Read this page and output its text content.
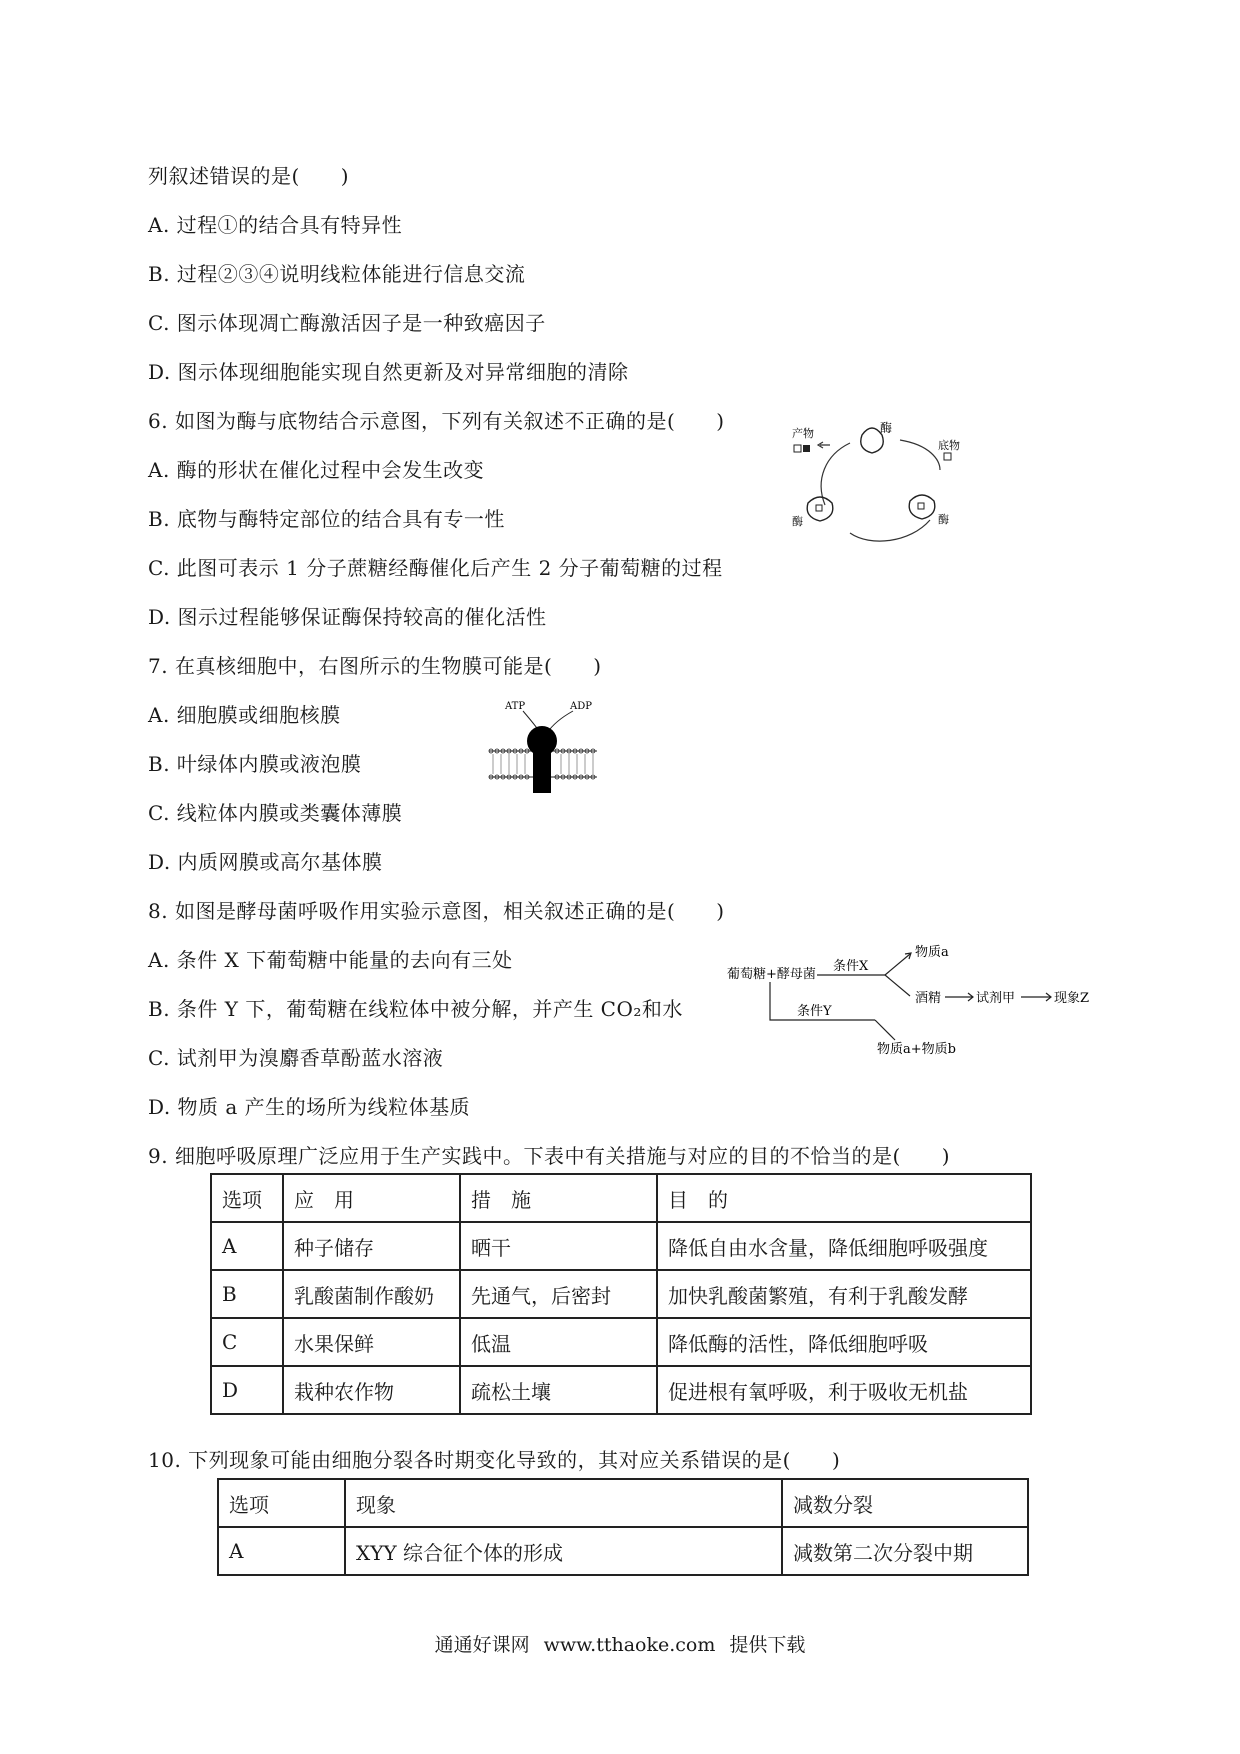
列叙述错误的是(　　)
A. 过程①的结合具有特异性
B. 过程②③④说明线粒体能进行信息交流
C. 图示体现凋亡酶激活因子是一种致癌因子
D. 图示体现细胞能实现自然更新及对异常细胞的清除
6. 如图为酶与底物结合示意图，下列有关叙述不正确的是(　　)
A. 酶的形状在催化过程中会发生改变
B. 底物与酶特定部位的结合具有专一性
C. 此图可表示 1 分子蔗糖经酶催化后产生 2 分子葡萄糖的过程
D. 图示过程能够保证酶保持较高的催化活性
产物	酶
底物
酶	酶
7. 在真核细胞中，右图所示的生物膜可能是(　　)
A. 细胞膜或细胞核膜
B. 叶绿体内膜或液泡膜
C. 线粒体内膜或类囊体薄膜
D. 内质网膜或高尔基体膜
ATP	ADP
8. 如图是酵母菌呼吸作用实验示意图，相关叙述正确的是(　　)
A. 条件 X 下葡萄糖中能量的去向有三处
B. 条件 Y 下，葡萄糖在线粒体中被分解，并产生 CO₂和水
C. 试剂甲为溴麝香草酚蓝水溶液
D. 物质 a 产生的场所为线粒体基质
葡萄糖+酵母菌
条件X
物质a
酒精	试剂甲	现象Z
条件Y
物质a+物质b
9. 细胞呼吸原理广泛应用于生产实践中。下表中有关措施与对应的目的不恰当的是(　　)
选项	应　用	措　施	目　的
A	种子储存	晒干	降低自由水含量，降低细胞呼吸强度
B	乳酸菌制作酸奶	先通气，后密封	加快乳酸菌繁殖，有利于乳酸发酵
C	水果保鲜	低温	降低酶的活性，降低细胞呼吸
D	栽种农作物	疏松土壤	促进根有氧呼吸，利于吸收无机盐
10. 下列现象可能由细胞分裂各时期变化导致的，其对应关系错误的是(　　)
选项	现象	减数分裂
A	XYY 综合征个体的形成	减数第二次分裂中期
通通好课网 www.tthaoke.com 提供下载
